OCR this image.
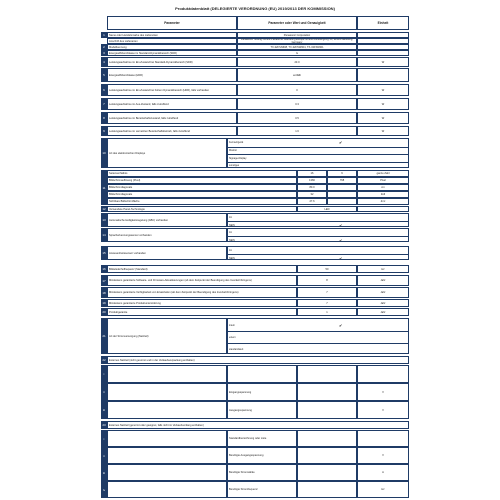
Produktdatenblatt (DELEGIERTE VERORDNUNG (EU) 2019/2013 DER KOMMISSION)
Parameter	Parameter oder Wert und Genauigkeit	Einheit
1	Name oder Handelsmarke des Lieferanten	Panasonic Corporation
Anschrift des Lieferanten	Panasonic Testing Centre Panasonic Marketing Europe GmbH Winsbergring 15, 22525 Hamburg, Germany
2	Modellkennung	TX-32FSN608, TX-32FSW604, TX-32FSN601
3	Energieeffizienzklasse im Standard-Dynamikbereich (SDR)	G
4	Leistungsaufnahme im Ein-Zustand bei Standard-Dynamikbereich (SDR)	23.0	W
5	Energieeffizienzklasse (HDR)	entfällt
6	Leistungsaufnahme im Ein-Zustand bei hohem Dynamikbereich (HDR), falls vorhanden	0	W
7	Leistungsaufnahme im Aus-Zustand, falls zutreffend	0.3	W
8	Leistungsaufnahme im Bereitschaftszustand, falls zutreffend	0.5	W
9	Leistungsaufnahme im vernetzten Bereitschaftsbetrieb, falls zutreffend	1.6	W
10	Art des elektronischen Displays
Fernsehgerät	✔
Monitor
Signage-Display
sonstiges
11
Seitenverhältnis	16	9	ganze Zahl
Bildschirmauflösung (Pixel)	1366	768	Pixel
Bildschirmdiagonale	80.0	cm
Bildschirmdiagonale	32	Zoll
Sichtbare Bildschirmfläche	27.6	dm²
12	Verwendete Panel-Technologie	LED
13	Automatische Helligkeitsregelung (ABC) vorhanden
JA
NEIN	✔
14	Spracherkennungssensor vorhanden
JA
NEIN	✔
15	Anwesenheitssensor vorhanden
JA
NEIN	✔
16	Bildwiederholfrequenz (Standard)	50	Hz
17	Mindestens garantierte Software- und Firmware-Aktualisierungen (ab dem Zeitpunkt der Beendigung des Inverkehrbringens)	8	Jahr
18	Mindestens garantierte Verfügbarkeit von Ersatzteilen (ab dem Zeitpunkt der Beendigung des Inverkehrbringens)	7	Jahr
19	Mindestens garantierte Produktunterstützung	7	Jahr
20	Produktgarantie	1	Jahr
21	Art der Stromversorgung (Netzteil)
intern	✔
extern
standardisiert
22	Externes Netzteil (nicht genormt und in der Verkaufsverpackung enthalten)
i
ii	Eingangsspannung	V
iii	Ausgangsspannung	V
23	Externes Netzteil (genormt oder geeignet, falls nicht im Verkaufsumfang enthalten)
i	Standardbezeichnung oder Liste
ii	Benötigte Ausgangsspannung	V
iii	Benötigte Stromstärke	A
iv	Benötigte Stromfrequenz	Hz
